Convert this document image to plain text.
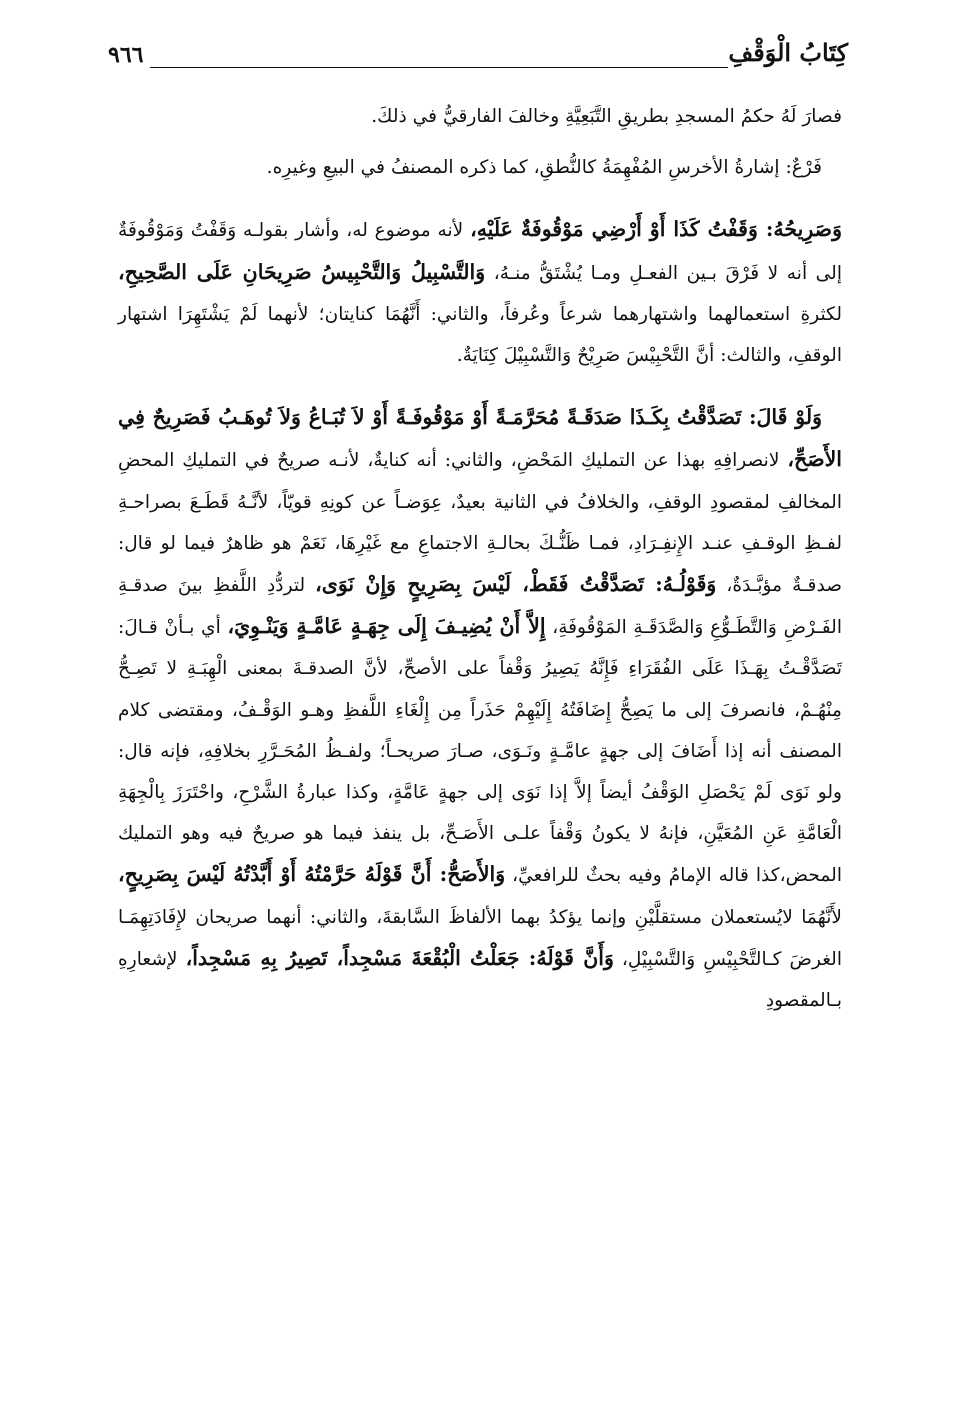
٩٦٦	كِتَابُ الْوَقْفِ

فصارَ لَهُ حكمُ المسجدِ بطريقِ التَّبَعِيَّةِ وخالفَ الفارقيُّ في ذلكَ.

فَرْعٌ: إشارةُ الأخرسِ المُفْهِمَةُ كالنُّطقِ، كما ذكره المصنفُ في البيعِ وغيرِه.

وَصَرِيحُهُ: وَقَفْتُ كَذَا أَوْ أَرْضِي مَوْقُوفَةٌ عَلَيْهِ، لأنه موضوع له، وأشار بقولـه وَقَفْتُ وَمَوْقُوفَةٌ إلى أنه لا فَرْقَ بـين الفعـلِ ومـا يُشْتَقُّ منـهُ، وَالتَّسْبِيلُ وَالتَّحْبِيسُ صَرِيحَانِ عَلَى الصَّحِيحِ، لكثرةِ استعمالهما واشتهارهما شرعاً وعُرفاً، والثاني: أَنَّهُمَا كنايتان؛ لأنهما لَمْ يَشْتَهِرَا اشتهار الوقفِ، والثالث: أنَّ التَّحْبِيْسَ صَرِيْحٌ وَالتَّسْبِيْلَ كِنَايَةٌ.

وَلَوْ قَالَ: تَصَدَّقْتُ بِكَـذَا صَدَقَـةً مُحَرَّمَـةً أَوْ مَوْقُوفَـةً أَوْ لاَ تُبَـاعُ وَلاَ تُوهَـبُ فَصَرِيحٌ فِي الأَصَحِّ، لانصرافِهِ بهذا عن التمليكِ المَحْضِ، والثاني: أنه كنايةٌ، لأنـه صريحٌ في التمليكِ المحضِ المخالفِ لمقصودِ الوقفِ، والخلافُ في الثانية بعيدٌ، عِوَضـاً عن كونِهِ قويّاً، لأنَّـهُ قَطَـعَ بصراحـةِ لفـظِ الوقـفِ عنـد الإِنفِـرَادِ، فمـا ظَنُّـكَ بحالـةِ الاجتماعِ مع غَيْرِهَا، نَعَمْ هو ظاهرٌ فيما لو قال: صدقـةٌ مؤبَّـدَةٌ، وَقَوْلُـهُ: تَصَدَّقْتُ فَقَطْ، لَيْسَ بِصَرِيحٍ وَإِنْ نَوَى، لتردُّدِ اللَّفظِ بينَ صدقـةِ الفَـرْضِ وَالتَّطَـوُّعِ وَالصَّدَقَـةِ المَوْقُوفَةِ، إِلاَّ أَنْ يُضِيـفَ إِلَى جِهَـةٍ عَامَّـةٍ وَيَنْـوِيَ، أي بـأنْ قـالَ: تَصَدَّقْـتُ بِهَـذَا عَلَى الفُقَرَاءِ فَإِنَّهُ يَصِيرُ وَقْفاً على الأصحِّ، لأنَّ الصدقـةَ بمعنى الْهِبَـةِ لا تَصِـحُّ مِنْهُـمْ، فانصرفَ إلى ما يَصِحُّ إِضَافَتُهُ إِلَيْهِمْ حَذَراً مِن إِلْغَاءِ اللَّفظِ وهـو الوَقْـفُ، ومقتضى كلام المصنف أنه إذا أَضَافَ إلى جهةٍ عامَّـةٍ ونَـوَى، صـارَ صريحـاً؛ ولفـظُ المُحَـرَّرِ بخلافِهِ، فإنه قال: ولو نَوَى لَمْ يَحْصَلِ الوَقْفُ أيضاً إلاَّ إذا نَوَى إلى جهةٍ عَامَّةٍ، وكذا عبارةُ الشَّرْحِ، واحْتَرَزَ بِالْجِهَةِ الْعَامَّةِ عَنِ المُعَيَّنِ، فإنهُ لا يكونُ وَقْفاً علـى الأَصَـحِّ، بل ينفذ فيما هو صريحٌ فيه وهو التمليك المحض،كذا قاله الإمامُ وفيه بحثٌ للرافعيِّ، وَالأَصَحُّ: أَنَّ قَوْلَهُ حَرَّمْتُهُ أَوْ أَبَّدْتُهُ لَيْسَ بِصَرِيحٍ، لأَنَّهُمَا لايُستعملان مستقلَّيْنِ وإنما يؤكدُ بهما الألفاظَ السَّابقةَ، والثاني: أنهما صريحان لإِفَادَتِهِمَـا الغرضَ كـالتَّحْبِيْسِ وَالتَّسْبِيْلِ، وَأَنَّ قَوْلَهُ: جَعَلْتُ الْبُقْعَةَ مَسْجِداً، تَصِيرُ بِهِ مَسْجِداً، لإشعارِهِ بـالمقصودِ
